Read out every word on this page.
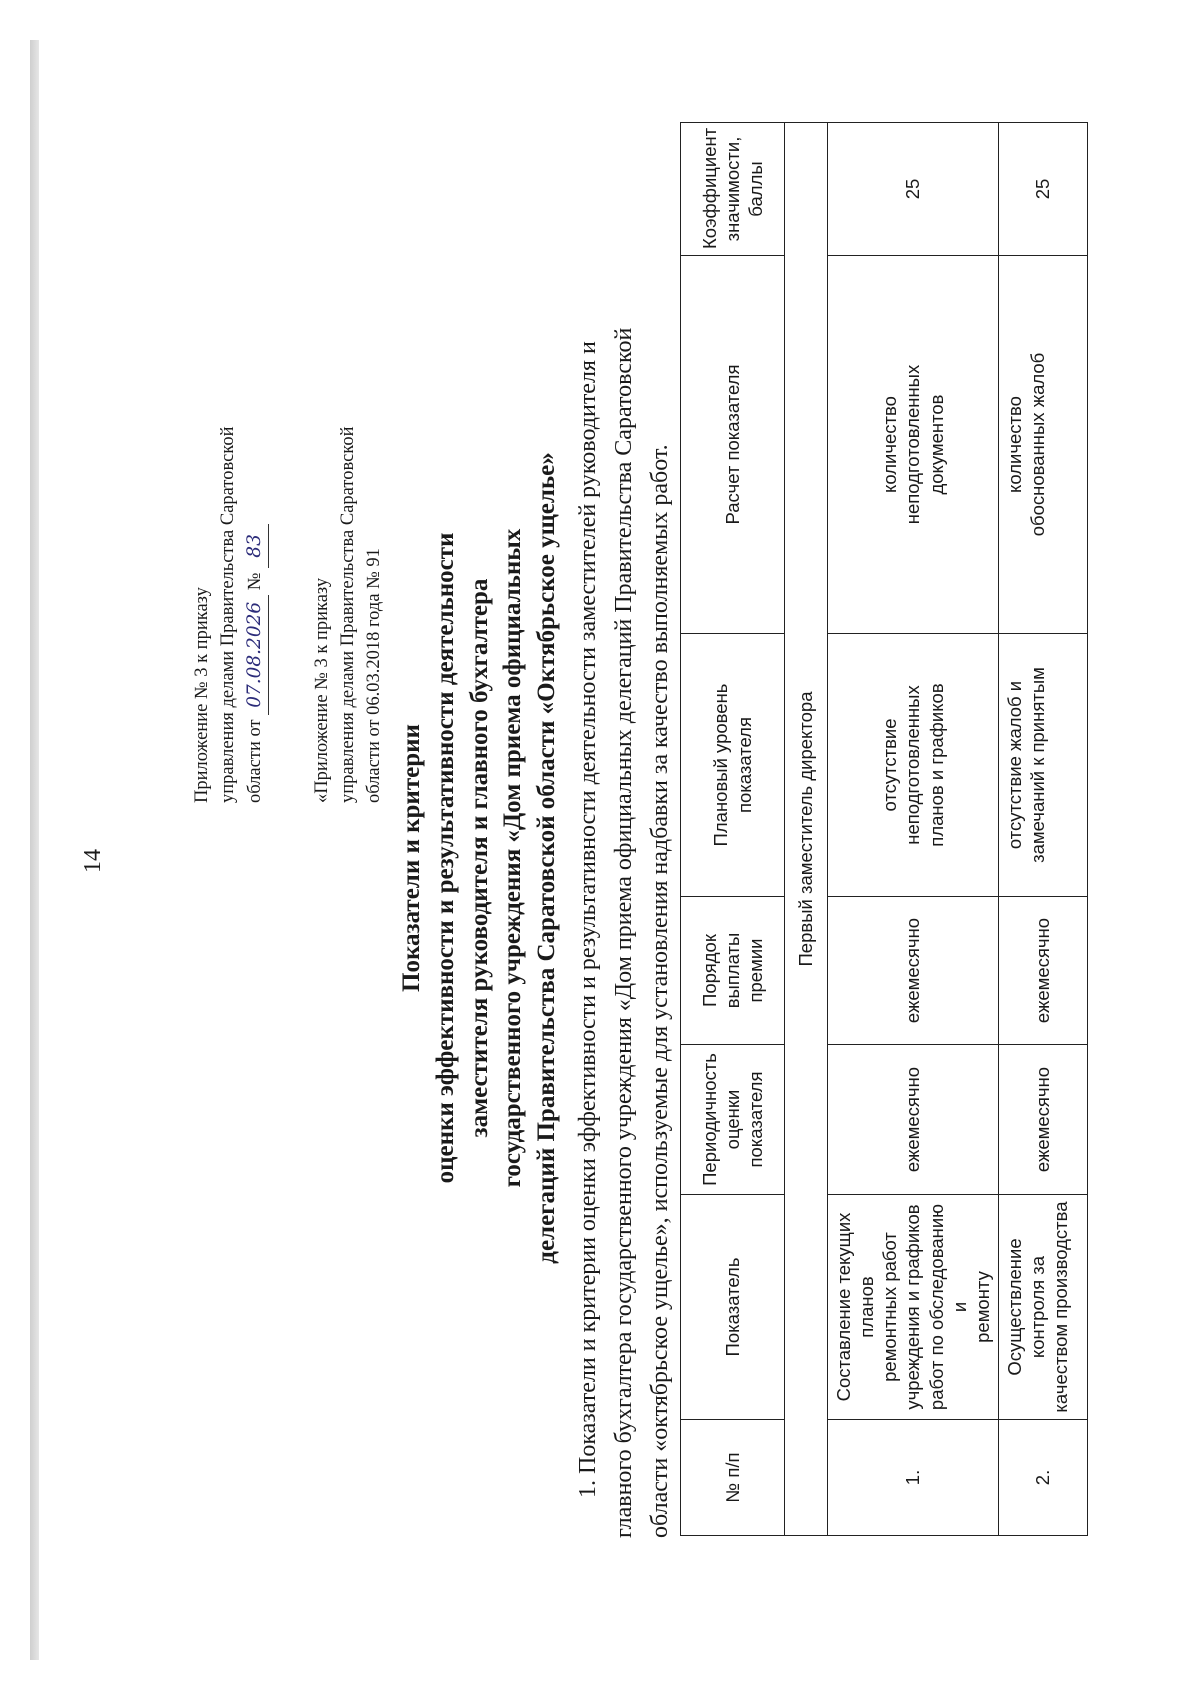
14
Приложение № 3 к приказу управления делами Правительства Саратовской области от 07.08.2026 № 83
«Приложение № 3 к приказу управления делами Правительства Саратовской области от 06.03.2018 года № 91
Показатели и критерии оценки эффективности и результативности деятельности заместителя руководителя и главного бухгалтера государственного учреждения «Дом приема официальных делегаций Правительства Саратовской области «Октябрьское ущелье» 1. Показатели и критерии оценки эффективности и результативности деятельности заместителей руководителя и главного бухгалтера государственного учреждения «Дом приема официальных делегаций Правительства Саратовской области «октябрьское ущелье», используемые для установления надбавки за качество выполняемых работ.	№ п/п	Показатель	Периодичность оценки показателя	Порядок выплаты премии	Плановый уровень показателя	Расчет показателя	Коэффициент значимости, баллы

Первый заместитель директора						
1.	Составление текущих планов ремонтных работ учреждения и графиков работ по обследованию и ремонту	ежемесячно	ежемесячно	отсутствие неподготовленных планов и графиков	количество неподготовленных документов	25
2.	Осуществление контроля за качеством производства	ежемесячно	ежемесячно	отсутствие жалоб и замечаний к принятым	количество обоснованных жалоб	25
